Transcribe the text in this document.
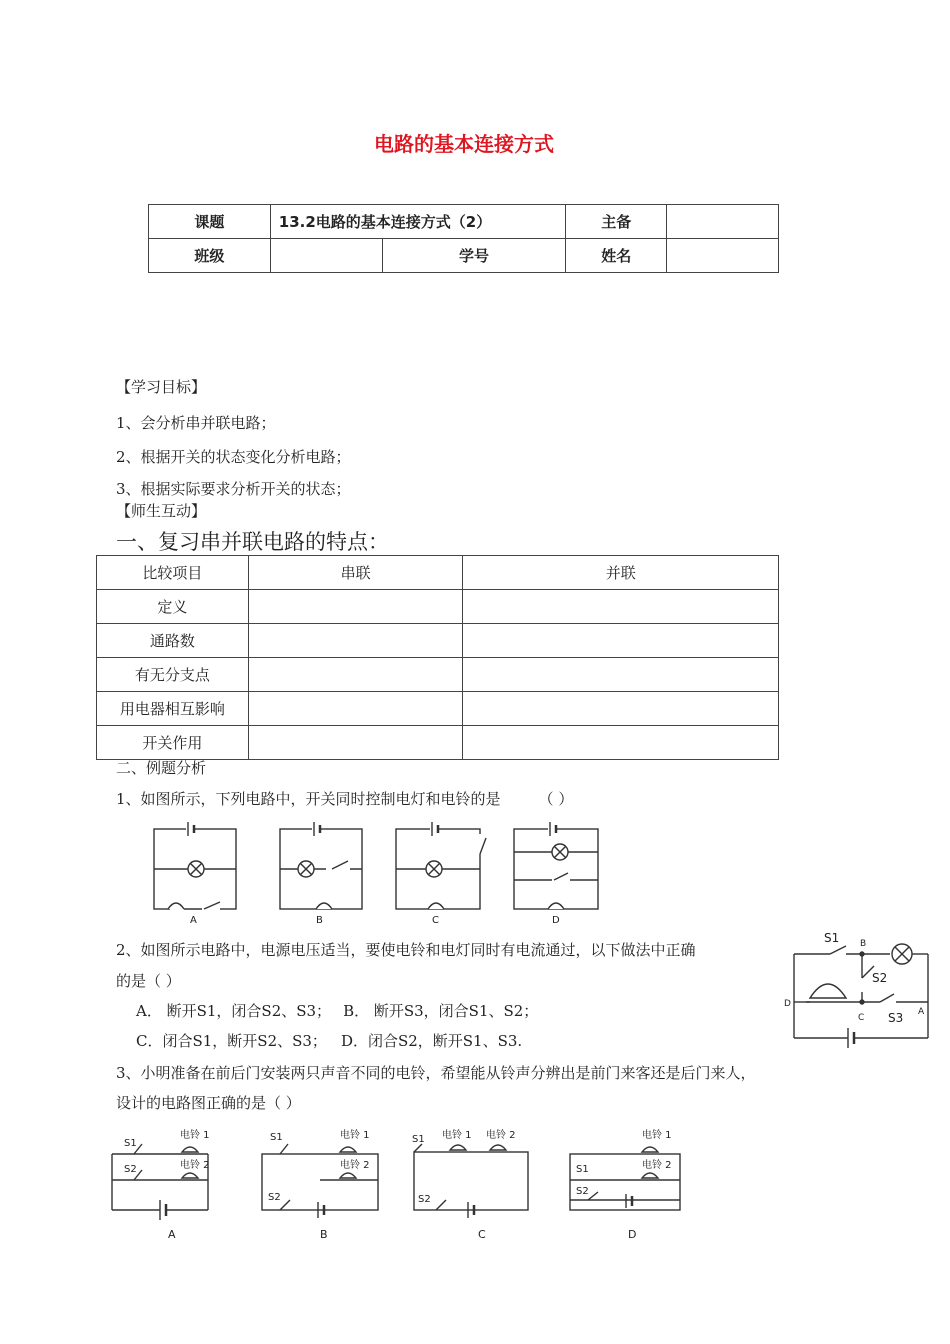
电路的基本连接方式
课题	13.2电路的基本连接方式（2）		主备	
班级		学号	姓名	
【学习目标】
1、会分析串并联电路；
2、根据开关的状态变化分析电路；
3、根据实际要求分析开关的状态；
【师生互动】
一、复习串并联电路的特点：
比较项目	串联	并联
定义		
通路数		
有无分支点		
用电器相互影响		
开关作用		
二、例题分析
1、如图所示，下列电路中，开关同时控制电灯和电铃的是	（ ）
A	B	C	D
2、如图所示电路中，电源电压适当，要使电铃和电灯同时有电流通过，以下做法中正确
的是（ ）
A． 断开S1，闭合S2、S3； B． 断开S3，闭合S1、S2；
C．闭合S1，断开S2、S3； D．闭合S2，断开S1、S3.
S1 B
S2
D
C S3 A
3、小明准备在前后门安装两只声音不同的电铃，希望能从铃声分辨出是前门来客还是后门来人，
设计的电路图正确的是（ ）
电铃 1
电铃 2
S1
S2
A
电铃 1
电铃 2
S1
S2
B
电铃 1 电铃 2
S1
S2
C
电铃 1
电铃 2
S1
S2
D
